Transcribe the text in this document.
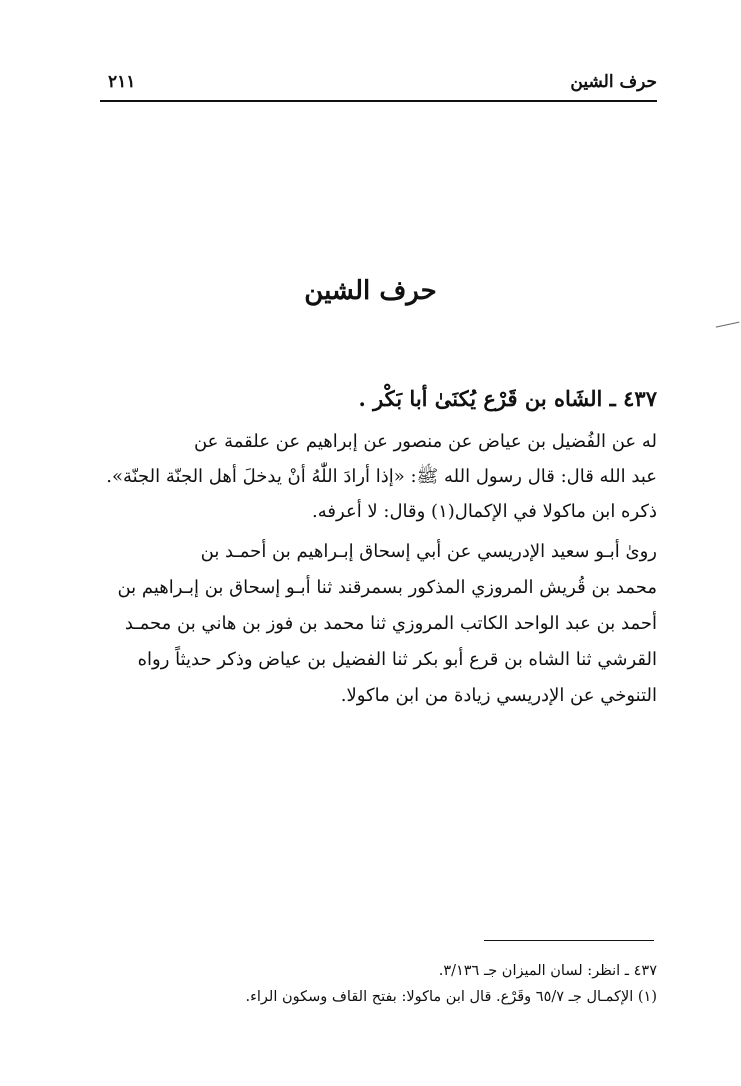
حرف الشين
٢١١
حرف الشين
٤٣٧ ـ الشَاه بن قَرْع يُكنَىٰ أبا بَكْر .
له عن الفُضيل بن عياض عن منصور عن إبراهيم عن علقمة عن
عبد الله قال: قال رسول الله ﷺ: «إذا أرادَ اللّٰهُ أنْ يدخلَ أهل الجنّة الجنّة».
ذكره ابن ماكولا في الإكمال(١) وقال: لا أعرفه.
روىٰ أبـو سعيد الإدريسي عن أبي إسحاق إبـراهيم بن أحمـد بن
محمد بن قُريش المروزي المذكور بسمرقند ثنا أبـو إسحاق بن إبـراهيم بن
أحمد بن عبد الواحد الكاتب المروزي ثنا محمد بن فوز بن هاني بن محمـد
القرشي ثنا الشاه بن قرع أبو بكر ثنا الفضيل بن عياض وذكر حديثاً رواه
التنوخي عن الإدريسي زيادة من ابن ماكولا.
٤٣٧ ـ انظر: لسان الميزان جـ ٣/١٣٦.
(١) الإكمـال جـ ٦٥/٧ وقَرْع. قال ابن ماكولا: بفتح القاف وسكون الراء.
